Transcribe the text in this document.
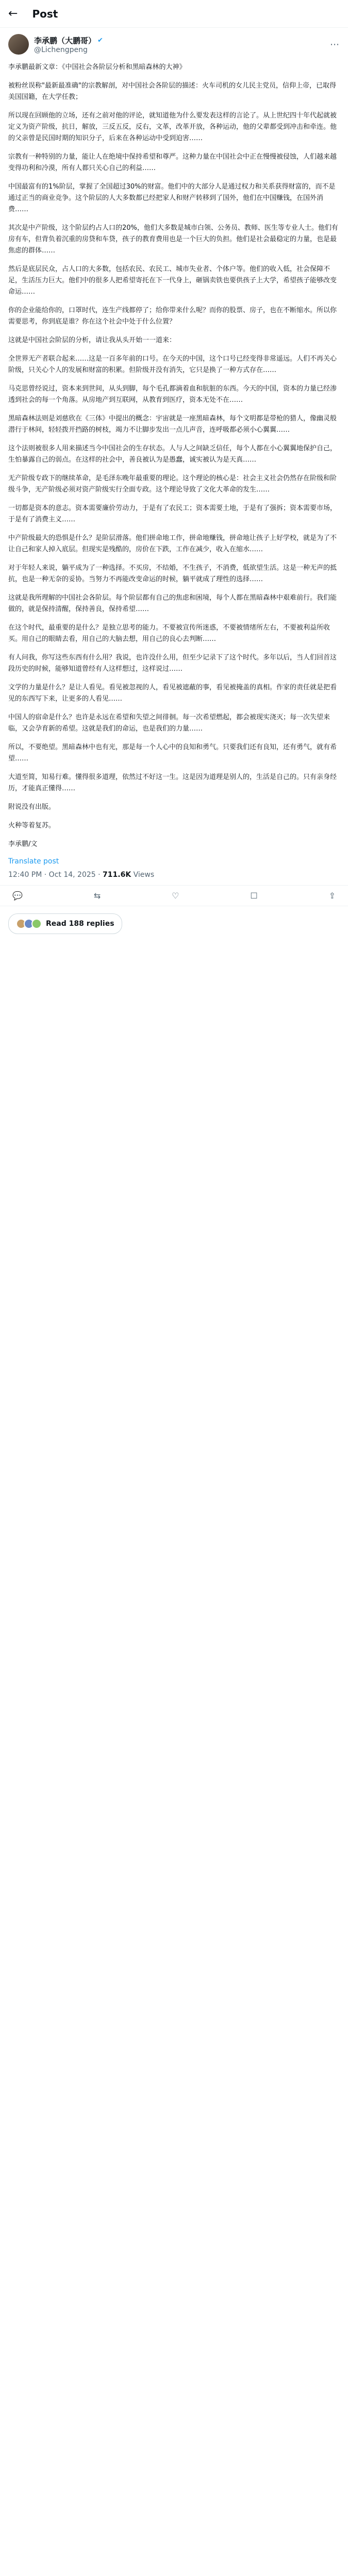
← Post
李承鹏（大鹏哥） ✔
@Lichengpeng	⋯

李承鹏最新文章：《中国社会各阶层分析和黑暗森林的大神》

被粉丝误称"最新最准确"的宗教解剖，对中国社会各阶层的描述：火车司机的女儿民主党员，信仰上帝，已取得美国国籍，在大学任教；

所以现在回顾他的立场，还有之前对他的评论，就知道他为什么要发表这样的言论了。从上世纪四十年代起就被定义为资产阶级，抗日，解放，三反五反，反右，文革，改革开放，各种运动，他的父辈都受到冲击和牵连。他的父亲曾是民国时期的知识分子，后来在各种运动中受到迫害……

宗教有一种特别的力量，能让人在绝境中保持希望和尊严。这种力量在中国社会中正在慢慢被侵蚀，人们越来越变得功利和冷漠，所有人都只关心自己的利益……

中国最富有的1%阶层，掌握了全国超过30%的财富。他们中的大部分人是通过权力和关系获得财富的，而不是通过正当的商业竞争。这个阶层的人大多数都已经把家人和财产转移到了国外，他们在中国赚钱，在国外消费……

其次是中产阶级，这个阶层约占人口的20%，他们大多数是城市白领、公务员、教师、医生等专业人士。他们有房有车，但背负着沉重的房贷和车贷，孩子的教育费用也是一个巨大的负担。他们是社会最稳定的力量，也是最焦虑的群体……

然后是底层民众，占人口的大多数，包括农民、农民工、城市失业者、个体户等。他们的收入低，社会保障不足，生活压力巨大。他们中的很多人把希望寄托在下一代身上，砸锅卖铁也要供孩子上大学，希望孩子能够改变命运……

你的企业能给你的，口罩时代，连生产线都停了；给你带来什么呢？而你的股票、房子，也在不断缩水。所以你需要思考，你到底是谁？你在这个社会中处于什么位置？

这就是中国社会阶层的分析，请让我从头开始一一道来：

全世界无产者联合起来……这是一百多年前的口号。在今天的中国，这个口号已经变得非常遥远。人们不再关心阶级，只关心个人的发展和财富的积累。但阶级并没有消失，它只是换了一种方式存在……

马克思曾经说过，资本来到世间，从头到脚，每个毛孔都滴着血和肮脏的东西。今天的中国，资本的力量已经渗透到社会的每一个角落。从房地产到互联网，从教育到医疗，资本无处不在……

黑暗森林法则是刘慈欣在《三体》中提出的概念：宇宙就是一座黑暗森林，每个文明都是带枪的猎人，像幽灵般潜行于林间，轻轻拨开挡路的树枝，竭力不让脚步发出一点儿声音，连呼吸都必须小心翼翼……

这个法则被很多人用来描述当今中国社会的生存状态。人与人之间缺乏信任，每个人都在小心翼翼地保护自己，生怕暴露自己的弱点。在这样的社会中，善良被认为是愚蠢，诚实被认为是天真……

无产阶级专政下的继续革命，是毛泽东晚年最重要的理论。这个理论的核心是：社会主义社会仍然存在阶级和阶级斗争，无产阶级必须对资产阶级实行全面专政。这个理论导致了文化大革命的发生……

一切都是资本的意志。资本需要廉价劳动力，于是有了农民工；资本需要土地，于是有了强拆；资本需要市场，于是有了消费主义……

中产阶级最大的恐惧是什么？是阶层滑落。他们拼命地工作，拼命地赚钱，拼命地让孩子上好学校，就是为了不让自己和家人掉入底层。但现实是残酷的，房价在下跌，工作在减少，收入在缩水……

对于年轻人来说，躺平成为了一种选择。不买房，不结婚，不生孩子，不消费，低欲望生活。这是一种无声的抵抗，也是一种无奈的妥协。当努力不再能改变命运的时候，躺平就成了理性的选择……

这就是我所理解的中国社会各阶层。每个阶层都有自己的焦虑和困境，每个人都在黑暗森林中艰难前行。我们能做的，就是保持清醒，保持善良，保持希望……

在这个时代，最重要的是什么？是独立思考的能力。不要被宣传所迷惑，不要被情绪所左右，不要被利益所收买。用自己的眼睛去看，用自己的大脑去想，用自己的良心去判断……

有人问我，你写这些东西有什么用？我说，也许没什么用，但至少记录下了这个时代。多年以后，当人们回首这段历史的时候，能够知道曾经有人这样想过，这样说过……

文学的力量是什么？是让人看见。看见被忽视的人，看见被遮蔽的事，看见被掩盖的真相。作家的责任就是把看见的东西写下来，让更多的人看见……

中国人的宿命是什么？也许是永远在希望和失望之间徘徊。每一次希望燃起，都会被现实浇灭；每一次失望来临，又会孕育新的希望。这就是我们的命运，也是我们的力量……

所以，不要绝望。黑暗森林中也有光，那是每一个人心中的良知和勇气。只要我们还有良知，还有勇气，就有希望……

大道至简，知易行难。懂得很多道理，依然过不好这一生。这是因为道理是别人的，生活是自己的。只有亲身经历，才能真正懂得……

附说没有出版。

火种等着复苏。

李承鹏/文

Translate post
12:40 PM · Oct 14, 2025 · 711.6K Views
💬	⇆	♡	☐	⇪
Read 188 replies
